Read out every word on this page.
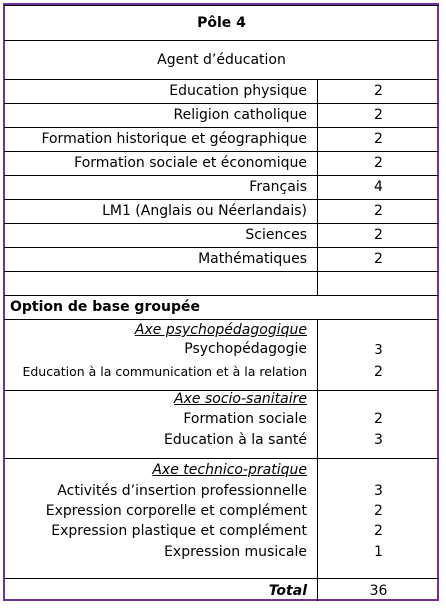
Pôle 4
Agent d’éducation
Education physique	2
Religion catholique	2
Formation historique et géographique	2
Formation sociale et économique	2
Français	4
LM1 (Anglais ou Néerlandais)	2
Sciences	2
Mathématiques	2
Option de base groupée
Axe psychopédagogique
Psychopédagogie	3
Education à la communication et à la relation	2
Axe socio-sanitaire
Formation sociale	2
Education à la santé	3
Axe technico-pratique
Activités d’insertion professionnelle	3
Expression corporelle et complément	2
Expression plastique et complément	2
Expression musicale	1
Total	36
